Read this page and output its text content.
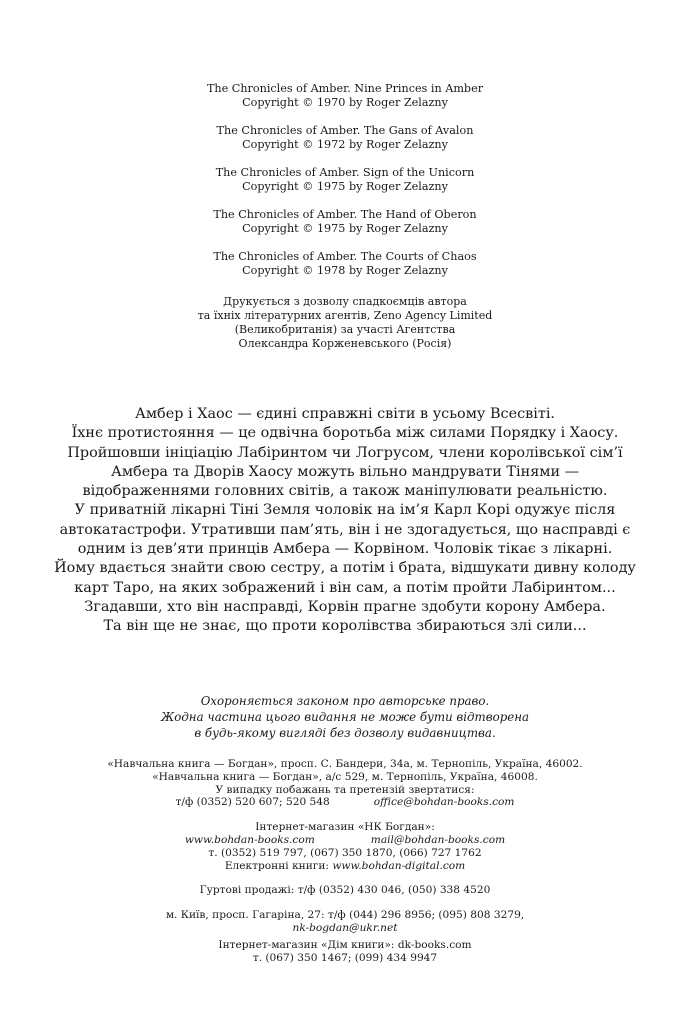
The Chronicles of Amber. Nine Princes in Amber
Copyright © 1970 by Roger Zelazny
The Chronicles of Amber. The Gans of Avalon
Copyright © 1972 by Roger Zelazny
The Chronicles of Amber. Sign of the Unicorn
Copyright © 1975 by Roger Zelazny
The Chronicles of Amber. The Hand of Oberon
Copyright © 1975 by Roger Zelazny
The Chronicles of Amber. The Courts of Chaos
Copyright © 1978 by Roger Zelazny
Друкується з дозволу спадкоємців автора
та їхніх літературних агентів, Zeno Agency Limited
(Великобританія) за участі Агентства
Олександра Корженевського (Росія)
Амбер і Хаос — єдині справжні світи в усьому Всесвіті.
Їхнє протистояння — це одвічна боротьба між силами Порядку і Хаосу.
Пройшовши ініціацію Лабіринтом чи Логрусом, члени королівської сім’ї
Амбера та Дворів Хаосу можуть вільно мандрувати Тінями —
відображеннями головних світів, а також маніпулювати реальністю.
У приватній лікарні Тіні Земля чоловік на ім’я Карл Корі одужує після
автокатастрофи. Утративши пам’ять, він і не здогадується, що насправді є
одним із дев’яти принців Амбера — Корвіном. Чоловік тікає з лікарні.
Йому вдається знайти свою сестру, а потім і брата, відшукати дивну колоду
карт Таро, на яких зображений і він сам, а потім пройти Лабіринтом...
Згадавши, хто він насправді, Корвін прагне здобути корону Амбера.
Та він ще не знає, що проти королівства збираються злі сили...
Охороняється законом про авторське право.
Жодна частина цього видання не може бути відтворена
в будь-якому вигляді без дозволу видавництва.
«Навчальна книга — Богдан», просп. С. Бандери, 34а, м. Тернопіль, Україна, 46002.
«Навчальна книга — Богдан», а/с 529, м. Тернопіль, Україна, 46008.
У випадку побажань та претензій звертатися:
т/ф (0352) 520 607; 520 548	office@bohdan-books.com
Інтернет-магазин «НК Богдан»:
www.bohdan-books.com	mail@bohdan-books.com
т. (0352) 519 797, (067) 350 1870, (066) 727 1762
Електронні книги: www.bohdan-digital.com
Гуртові продажі: т/ф (0352) 430 046, (050) 338 4520
м. Київ, просп. Гагаріна, 27: т/ф (044) 296 8956; (095) 808 3279,
nk-bogdan@ukr.net
Інтернет-магазин «Дім книги»: dk-books.com
т. (067) 350 1467; (099) 434 9947
